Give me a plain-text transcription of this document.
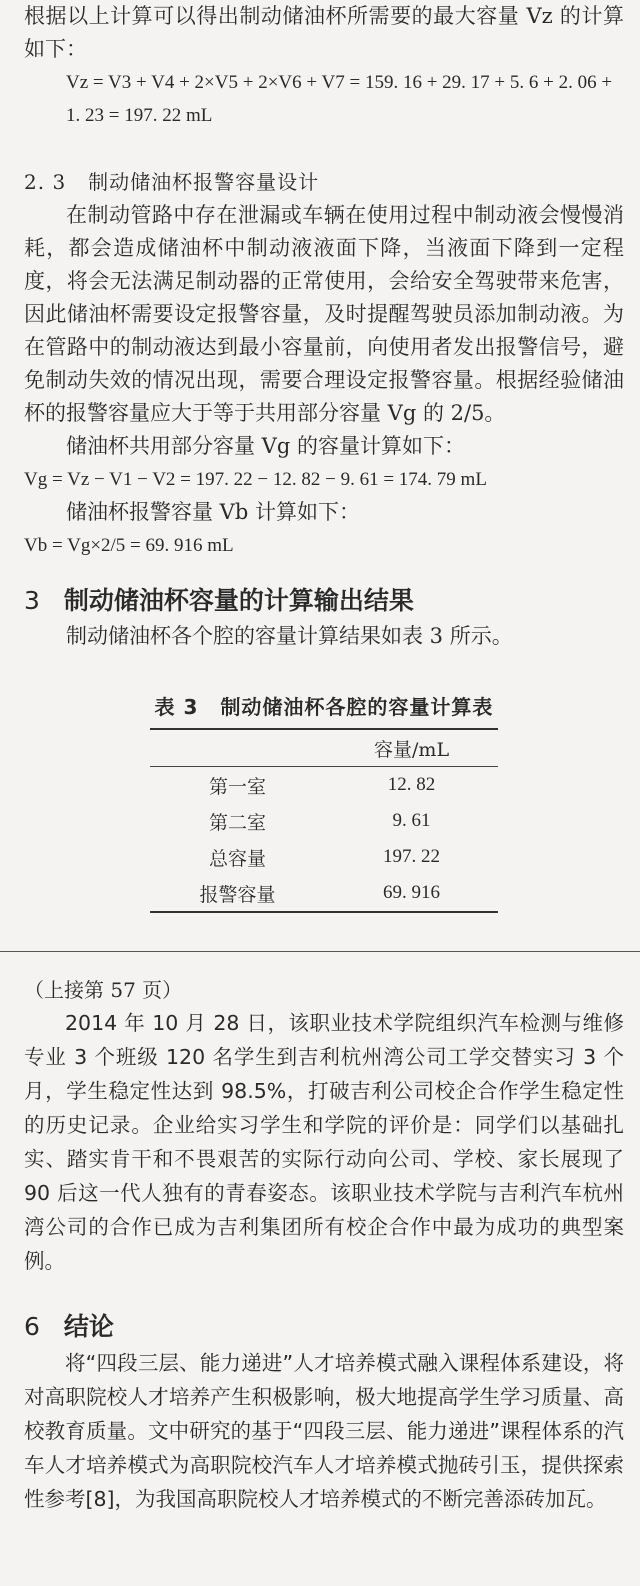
根据以上计算可以得出制动储油杯所需要的最大容量 Vz 的计算如下：

Vz = V3 + V4 + 2×V5 + 2×V6 + V7 = 159. 16 + 29. 17 + 5. 6 + 2. 06 +

1. 23 = 197. 22 mL

2. 3 制动储油杯报警容量设计

在制动管路中存在泄漏或车辆在使用过程中制动液会慢慢消耗，都会造成储油杯中制动液液面下降，当液面下降到一定程度，将会无法满足制动器的正常使用，会给安全驾驶带来危害，因此储油杯需要设定报警容量，及时提醒驾驶员添加制动液。为在管路中的制动液达到最小容量前，向使用者发出报警信号，避免制动失效的情况出现，需要合理设定报警容量。根据经验储油杯的报警容量应大于等于共用部分容量 Vg 的 2/5。

储油杯共用部分容量 Vg 的容量计算如下：

Vg = Vz − V1 − V2 = 197. 22 − 12. 82 − 9. 61 = 174. 79 mL

储油杯报警容量 Vb 计算如下：

Vb = Vg×2/5 = 69. 916 mL

3 制动储油杯容量的计算输出结果

制动储油杯各个腔的容量计算结果如表 3 所示。

表 3 制动储油杯各腔的容量计算表
	容量/mL
第一室	12. 82
第二室	9. 61
总容量	197. 22
报警容量	69. 916

（上接第 57 页）

2014 年 10 月 28 日，该职业技术学院组织汽车检测与维修专业 3 个班级 120 名学生到吉利杭州湾公司工学交替实习 3 个月，学生稳定性达到 98.5%，打破吉利公司校企合作学生稳定性的历史记录。企业给实习学生和学院的评价是：同学们以基础扎实、踏实肯干和不畏艰苦的实际行动向公司、学校、家长展现了 90 后这一代人独有的青春姿态。该职业技术学院与吉利汽车杭州湾公司的合作已成为吉利集团所有校企合作中最为成功的典型案例。

6 结论

将“四段三层、能力递进”人才培养模式融入课程体系建设，将对高职院校人才培养产生积极影响，极大地提高学生学习质量、高校教育质量。文中研究的基于“四段三层、能力递进”课程体系的汽车人才培养模式为高职院校汽车人才培养模式抛砖引玉，提供探索性参考[8]，为我国高职院校人才培养模式的不断完善添砖加瓦。
